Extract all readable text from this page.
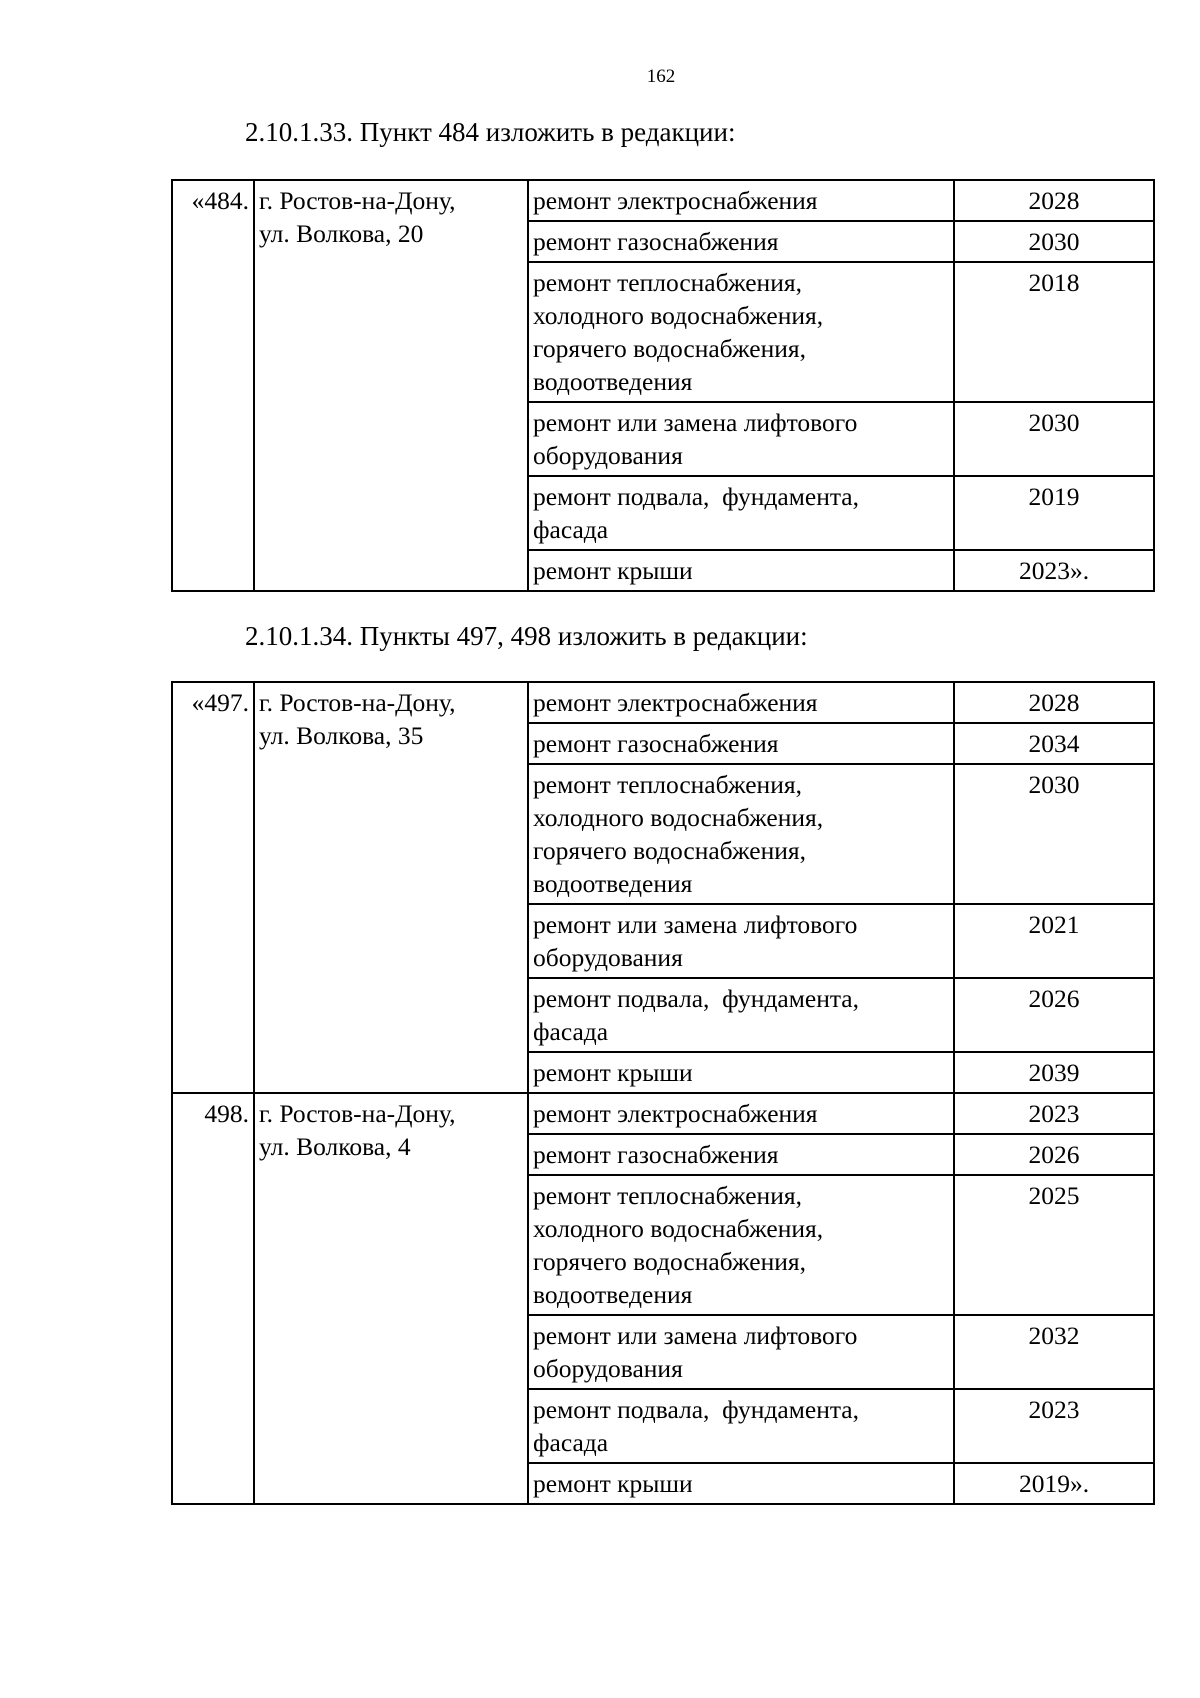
162
2.10.1.33. Пункт 484 изложить в редакции:
«484.	г. Ростов-на-Дону,
ул. Волкова, 20	ремонт электроснабжения	2028
		ремонт газоснабжения	2030

		ремонт теплоснабжения,
холодного водоснабжения,
горячего водоснабжения,
водоотведения	2018

		ремонт или замена лифтового
оборудования	2030

		ремонт подвала,  фундамента,
фасада	2019
		ремонт крыши	2023».
2.10.1.34. Пункты 497, 498 изложить в редакции:
«497.	г. Ростов-на-Дону,
ул. Волкова, 35	ремонт электроснабжения	2028
		ремонт газоснабжения	2034

		ремонт теплоснабжения,
холодного водоснабжения,
горячего водоснабжения,
водоотведения	2030

		ремонт или замена лифтового
оборудования	2021

		ремонт подвала,  фундамента,
фасада	2026
		ремонт крыши	2039
498.	г. Ростов-на-Дону,
ул. Волкова, 4	ремонт электроснабжения	2023
		ремонт газоснабжения	2026

		ремонт теплоснабжения,
холодного водоснабжения,
горячего водоснабжения,
водоотведения	2025

		ремонт или замена лифтового
оборудования	2032

		ремонт подвала,  фундамента,
фасада	2023
		ремонт крыши	2019».
